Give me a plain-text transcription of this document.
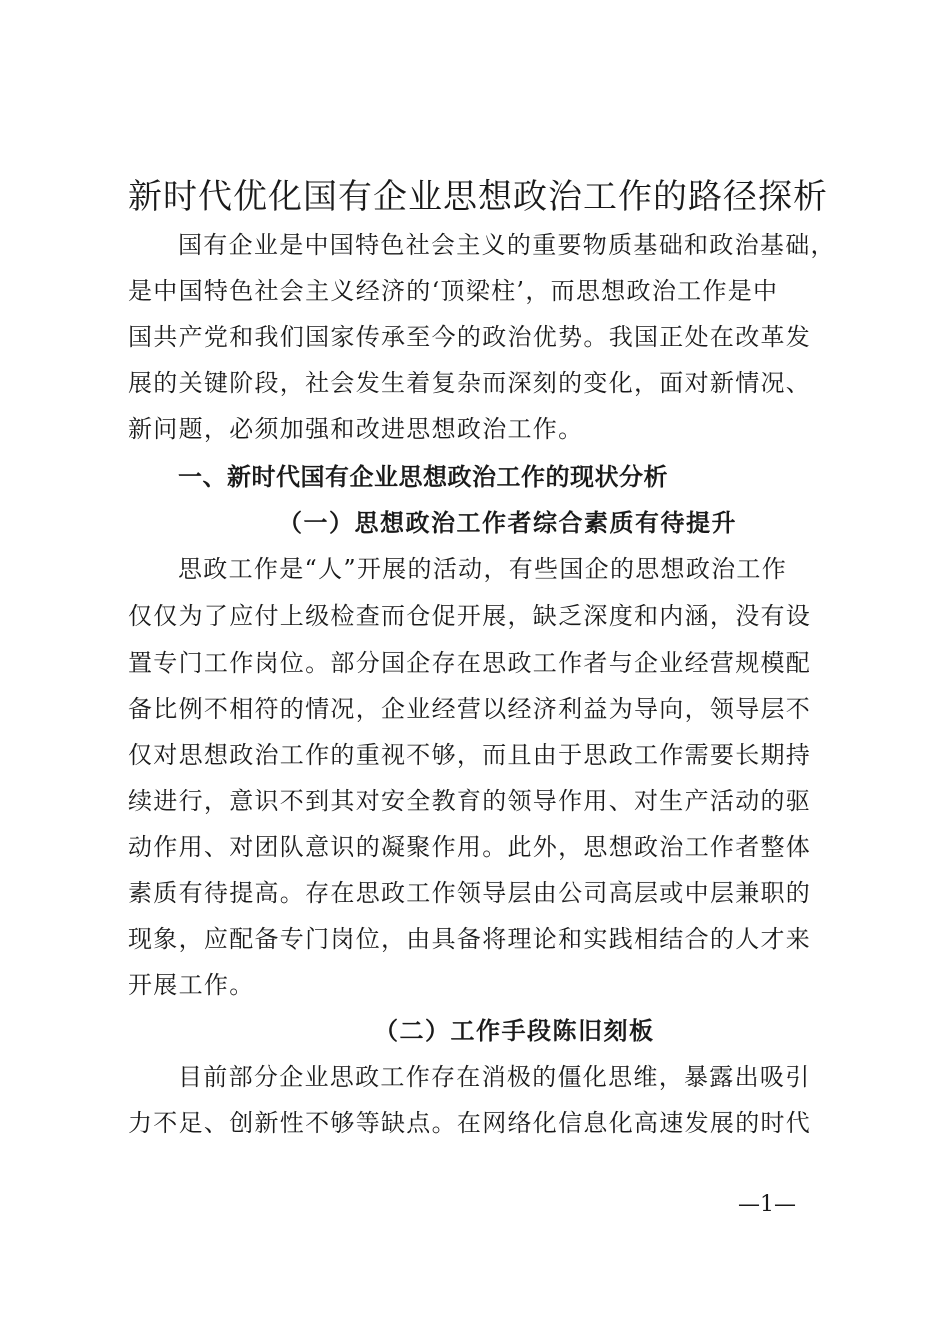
新时代优化国有企业思想政治工作的路径探析
国有企业是中国特色社会主义的重要物质基础和政治基础，
是中国特色社会主义经济的‘顶梁柱’，而思想政治工作是中
国共产党和我们国家传承至今的政治优势。我国正处在改革发
展的关键阶段，社会发生着复杂而深刻的变化，面对新情况、
新问题，必须加强和改进思想政治工作。
一、新时代国有企业思想政治工作的现状分析
（一）思想政治工作者综合素质有待提升
思政工作是“人”开展的活动，有些国企的思想政治工作
仅仅为了应付上级检查而仓促开展，缺乏深度和内涵，没有设
置专门工作岗位。部分国企存在思政工作者与企业经营规模配
备比例不相符的情况，企业经营以经济利益为导向，领导层不
仅对思想政治工作的重视不够，而且由于思政工作需要长期持
续进行，意识不到其对安全教育的领导作用、对生产活动的驱
动作用、对团队意识的凝聚作用。此外，思想政治工作者整体
素质有待提高。存在思政工作领导层由公司高层或中层兼职的
现象，应配备专门岗位，由具备将理论和实践相结合的人才来
开展工作。
（二）工作手段陈旧刻板
目前部分企业思政工作存在消极的僵化思维，暴露出吸引
力不足、创新性不够等缺点。在网络化信息化高速发展的时代
—1—
